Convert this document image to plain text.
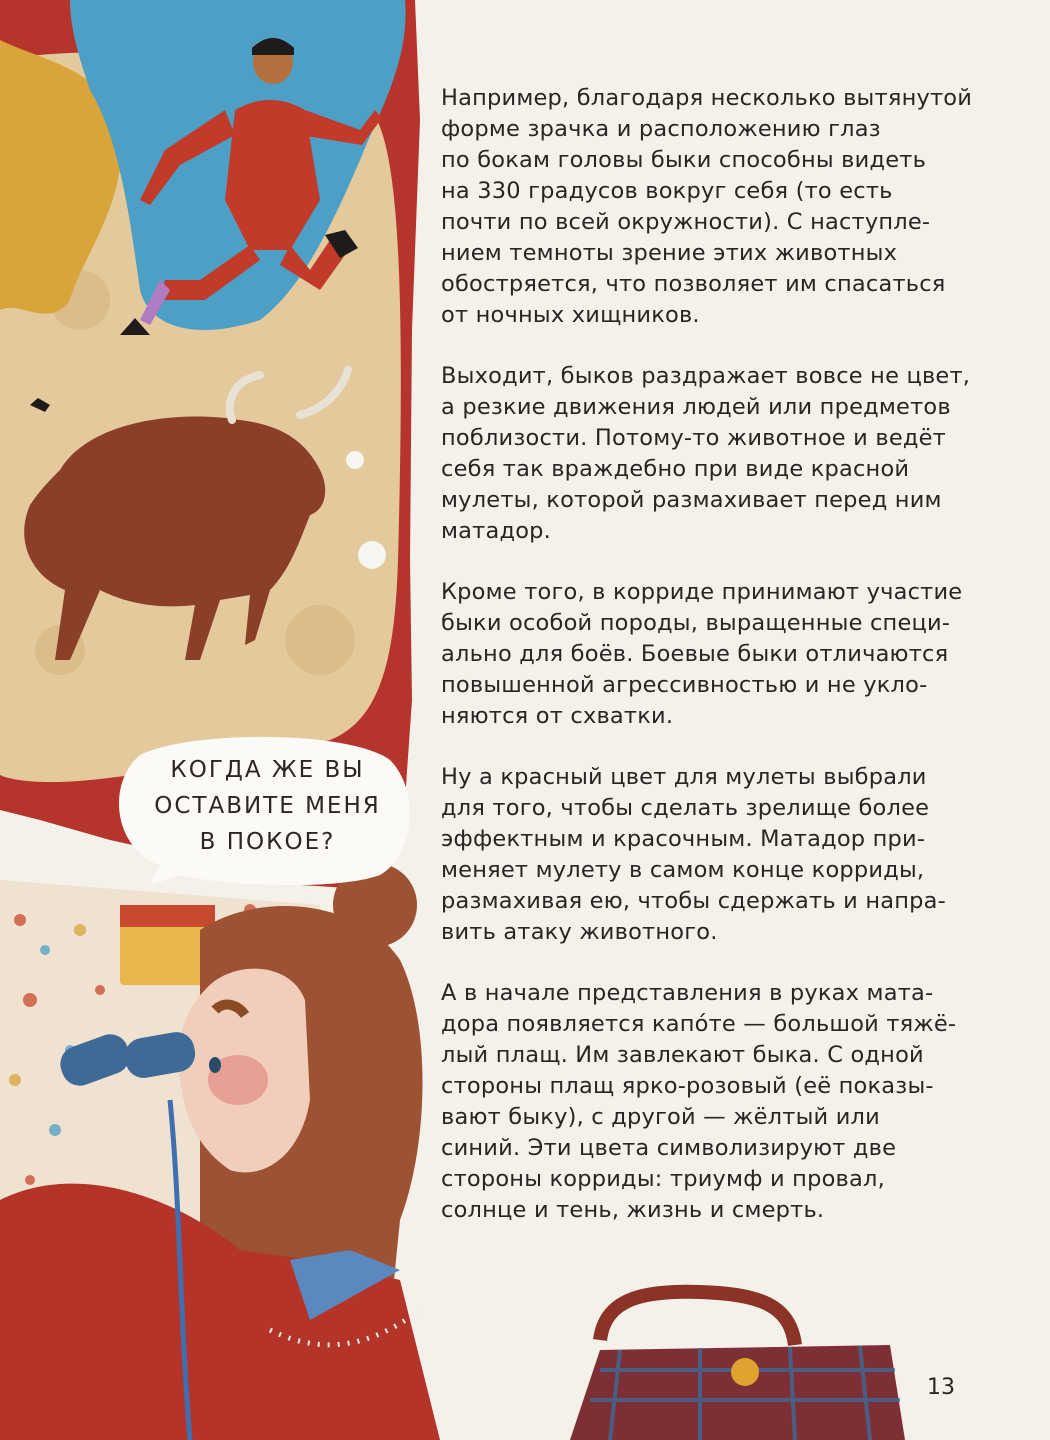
КОГДА ЖЕ ВЫ
ОСТАВИТЕ МЕНЯ
В ПОКОЕ?

Например, благодаря несколько вытянутой
форме зрачка и расположению глаз
по бокам головы быки способны видеть
на 330 градусов вокруг себя (то есть
почти по всей окружности). С наступле-
нием темноты зрение этих животных
обостряется, что позволяет им спасаться
от ночных хищников.

Выходит, быков раздражает вовсе не цвет,
а резкие движения людей или предметов
поблизости. Потому-то животное и ведёт
себя так враждебно при виде красной
мулеты, которой размахивает перед ним
матадор.

Кроме того, в корриде принимают участие
быки особой породы, выращенные специ-
ально для боёв. Боевые быки отличаются
повышенной агрессивностью и не укло-
няются от схватки.

Ну а красный цвет для мулеты выбрали
для того, чтобы сделать зрелище более
эффектным и красочным. Матадор при-
меняет мулету в самом конце корриды,
размахивая ею, чтобы сдержать и напра-
вить атаку животного.

А в начале представления в руках мата-
дора появляется капо́те — большой тяжё-
лый плащ. Им завлекают быка. С одной
стороны плащ ярко-розовый (её показы-
вают быку), с другой — жёлтый или
синий. Эти цвета символизируют две
стороны корриды: триумф и провал,
солнце и тень, жизнь и смерть.

13
